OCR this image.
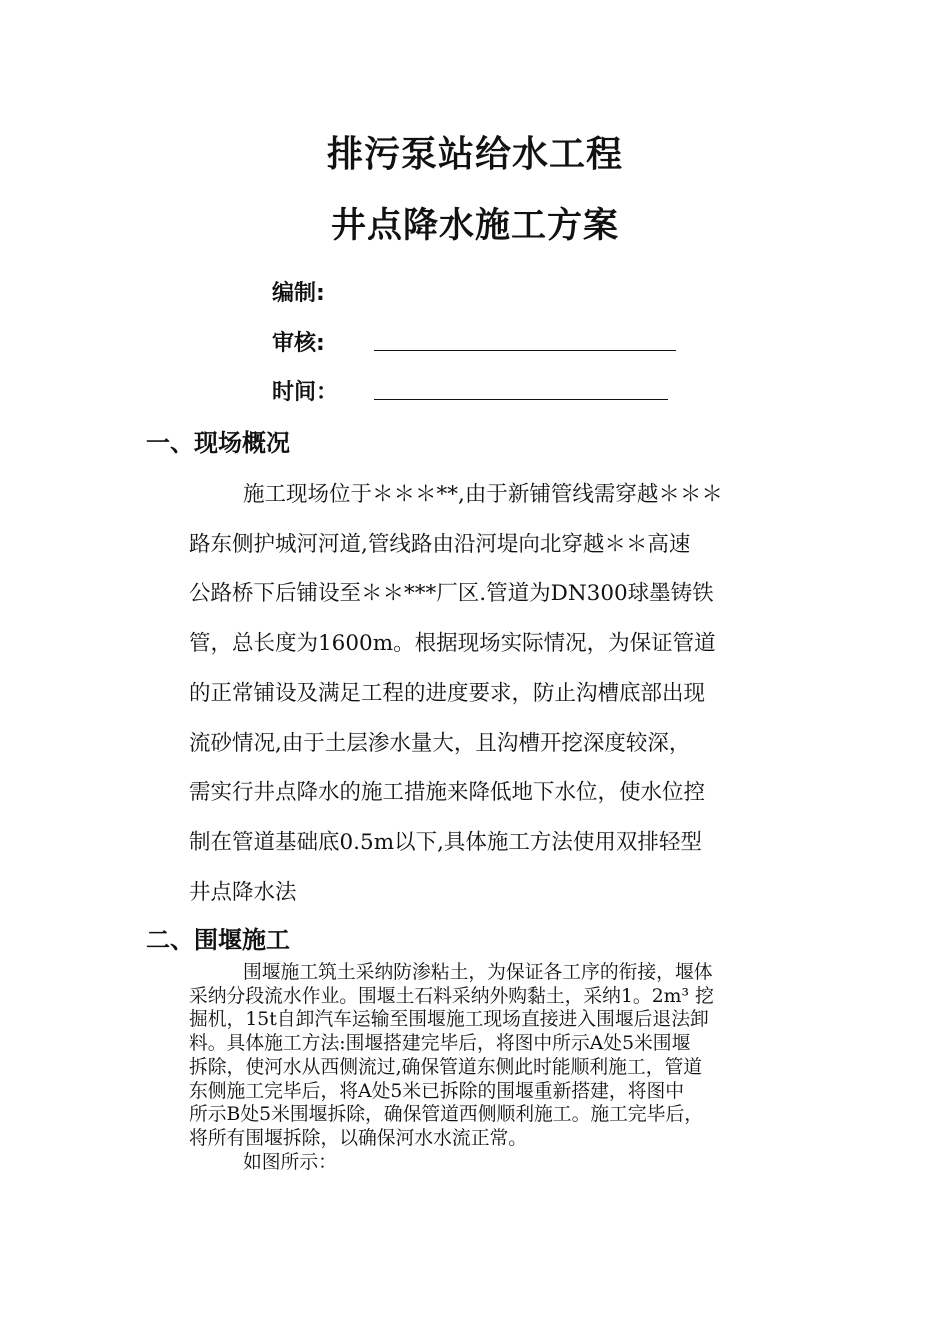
排污泵站给水工程
井点降水施工方案
编制:
审核:
时间：
一、现场概况
施工现场位于＊＊＊**,由于新铺管线需穿越＊＊＊
路东侧护城河河道,管线路由沿河堤向北穿越＊＊高速
公路桥下后铺设至＊＊***厂区.管道为DN300球墨铸铁
管，总长度为1600m。根据现场实际情况，为保证管道
的正常铺设及满足工程的进度要求，防止沟槽底部出现
流砂情况,由于土层渗水量大，且沟槽开挖深度较深，
需实行井点降水的施工措施来降低地下水位，使水位控
制在管道基础底0.5m以下,具体施工方法使用双排轻型
井点降水法
二、围堰施工
围堰施工筑土采纳防渗粘土，为保证各工序的衔接，堰体
采纳分段流水作业。围堰土石料采纳外购黏土，采纳1。2m³ 挖
掘机，15t自卸汽车运输至围堰施工现场直接进入围堰后退法卸
料。具体施工方法:围堰搭建完毕后，将图中所示A处5米围堰
拆除，使河水从西侧流过,确保管道东侧此时能顺利施工，管道
东侧施工完毕后，将A处5米已拆除的围堰重新搭建，将图中
所示B处5米围堰拆除，确保管道西侧顺利施工。施工完毕后，
将所有围堰拆除，以确保河水水流正常。
如图所示：
